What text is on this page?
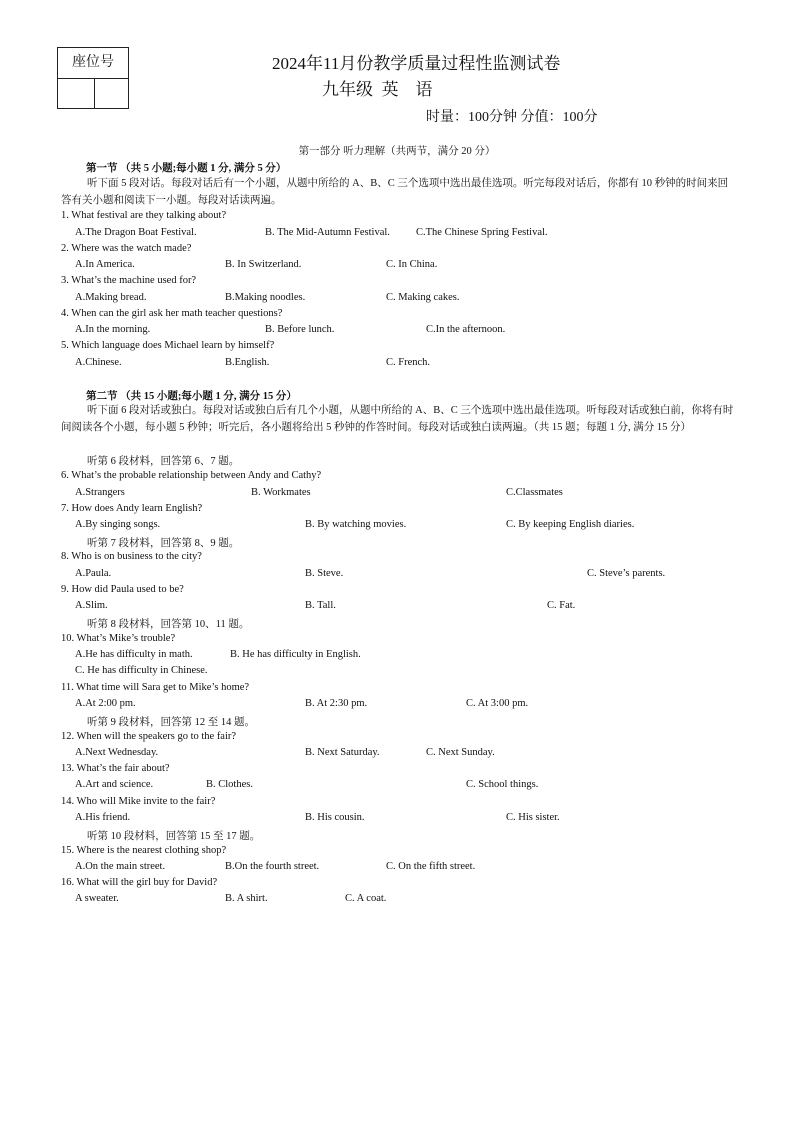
座位号	2024年11月份教学质量过程性监测试卷
九年级  英    语
时量：100分钟 分值：100分
第一部分 听力理解（共两节，满分 20 分）
第一节 （共 5 小题;每小题 1 分, 满分 5 分）
听下面 5 段对话。每段对话后有一个小题，从题中所给的 A、B、C 三个选项中选出最佳选项。听完每段对话后，你都有 10 秒钟的时间来回答有关小题和阅读下一小题。每段对话读两遍。
1. What festival are they talking about?
A.The Dragon Boat Festival.	B. The Mid-Autumn Festival. C.The Chinese Spring Festival.
2. Where was the watch made?
A.In America.	B. In Switzerland.	C. In China.
3. What’s the machine used for?
A.Making bread.	B.Making noodles.	C. Making cakes.
4. When can the girl ask her math teacher questions?
A.In the morning.	B. Before lunch.	C.In the afternoon.
5. Which language does Michael learn by himself?
A.Chinese.	B.English.	C. French.
第二节 （共 15 小题;每小题 1 分, 满分 15 分）
听下面 6 段对话或独白。每段对话或独白后有几个小题，从题中所给的 A、B、C 三个选项中选出最佳选项。听每段对话或独白前，你将有时间阅读各个小题，每小题 5 秒钟；听完后，各小题将给出 5 秒钟的作答时间。每段对话或独白读两遍。（共 15 题；每题 1 分, 满分 15 分）
听第 6 段材料，回答第 6、7 题。
6. What’s the probable relationship between Andy and Cathy?
A.Strangers	B. Workmates	C.Classmates
7. How does Andy learn English?
A.By singing songs.	B. By watching movies.	C. By keeping English diaries.
听第 7 段材料，回答第 8、9 题。
8. Who is on business to the city?
A.Paula.	B. Steve.	C. Steve’s parents.
9. How did Paula used to be?
A.Slim.	B. Tall.	C. Fat.
听第 8 段材料，回答第 10、11 题。
10. What’s Mike’s trouble?
A.He has difficulty in math.	B. He has difficulty in English.
C. He has difficulty in Chinese.
11. What time will Sara get to Mike’s home?
A.At 2:00 pm.	B. At 2:30 pm.	C. At 3:00 pm.
听第 9 段材料，回答第 12 至 14 题。
12. When will the speakers go to the fair?
A.Next Wednesday.	B. Next Saturday.	C. Next Sunday.
13. What’s the fair about?
A.Art and science.	B. Clothes.	C. School things.
14. Who will Mike invite to the fair?
A.His friend.	B. His cousin.	C. His sister.
听第 10 段材料，回答第 15 至 17 题。
15. Where is the nearest clothing shop?
A.On the main street.	B.On the fourth street.	C. On the fifth street.
16. What will the girl buy for David?
A sweater.	B. A shirt.	C. A coat.
